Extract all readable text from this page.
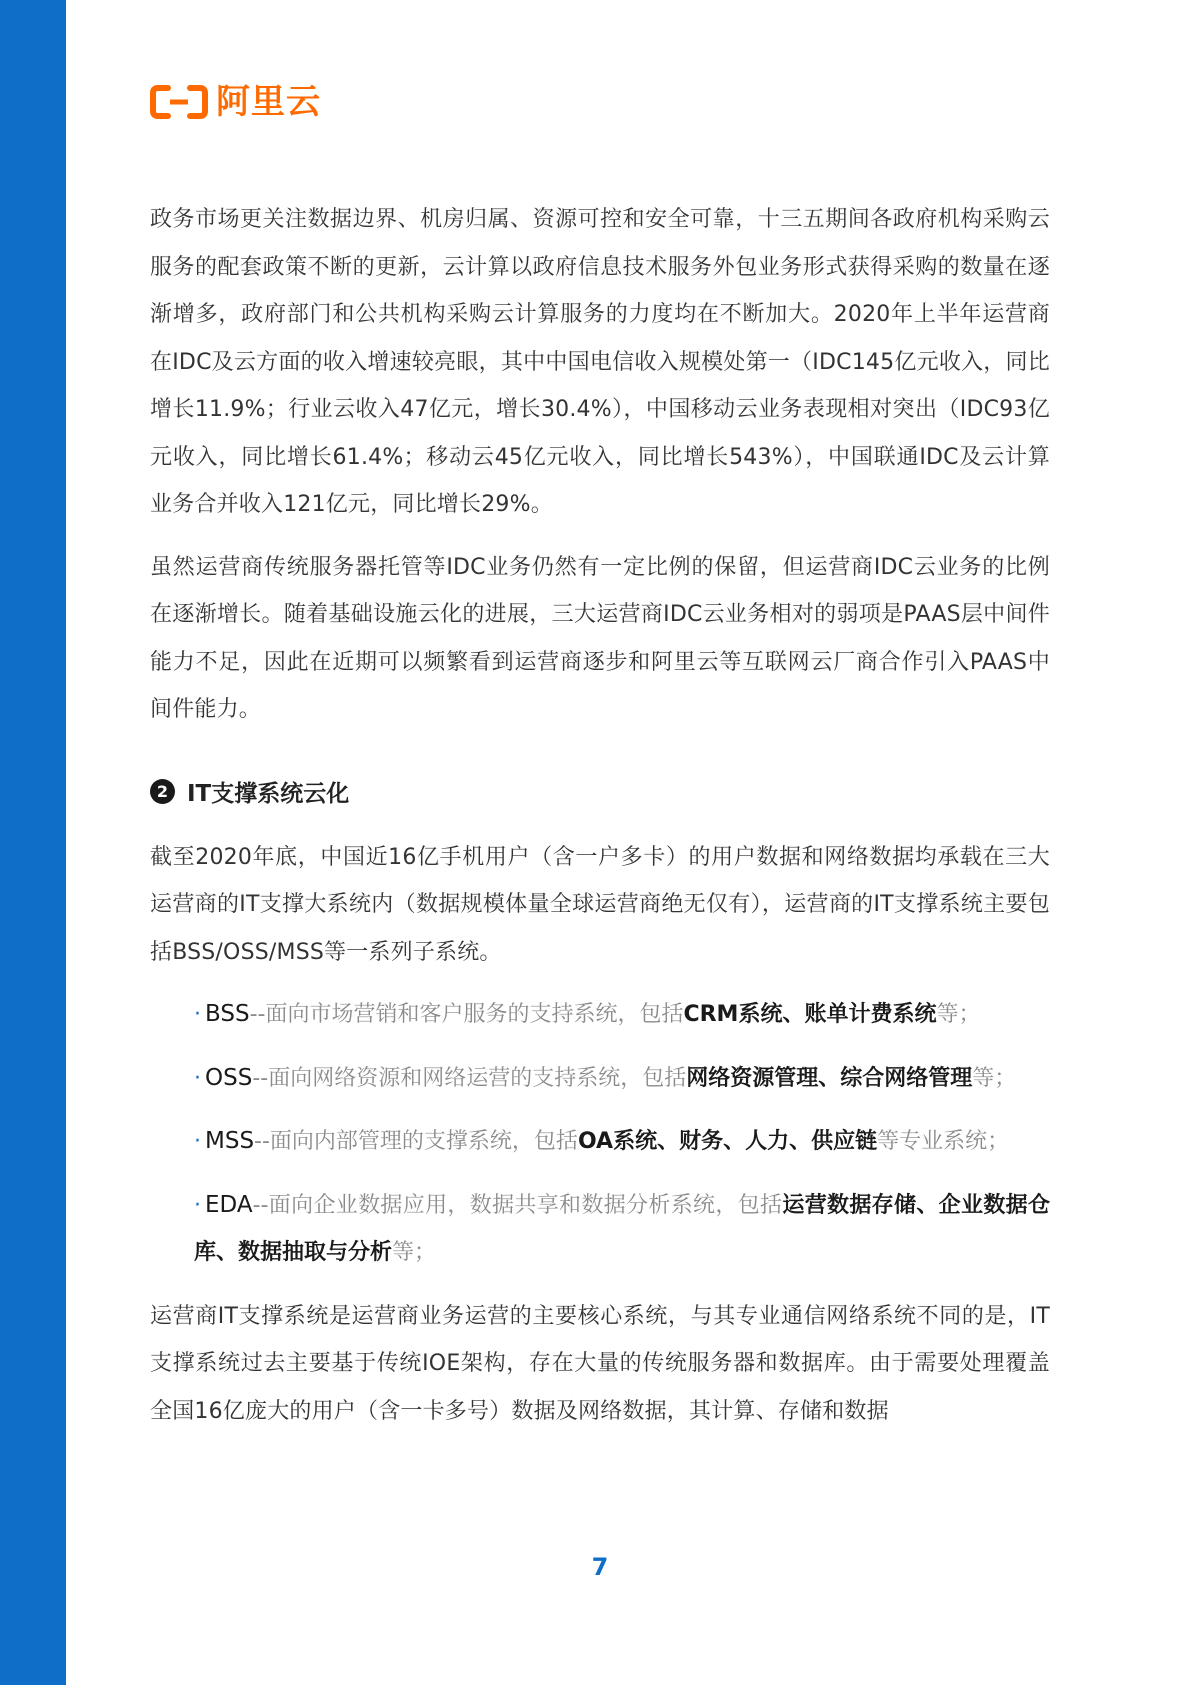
阿里云

政务市场更关注数据边界、机房归属、资源可控和安全可靠，十三五期间各政府机构采购云服务的配套政策不断的更新，云计算以政府信息技术服务外包业务形式获得采购的数量在逐渐增多，政府部门和公共机构采购云计算服务的力度均在不断加大。2020年上半年运营商在IDC及云方面的收入增速较亮眼，其中中国电信收入规模处第一（IDC145亿元收入，同比增长11.9%；行业云收入47亿元，增长30.4%），中国移动云业务表现相对突出（IDC93亿元收入，同比增长61.4%；移动云45亿元收入，同比增长543%），中国联通IDC及云计算业务合并收入121亿元，同比增长29%。

虽然运营商传统服务器托管等IDC业务仍然有一定比例的保留，但运营商IDC云业务的比例在逐渐增长。随着基础设施云化的进展，三大运营商IDC云业务相对的弱项是PAAS层中间件能力不足，因此在近期可以频繁看到运营商逐步和阿里云等互联网云厂商合作引入PAAS中间件能力。

2 IT支撑系统云化

截至2020年底，中国近16亿手机用户（含一户多卡）的用户数据和网络数据均承载在三大运营商的IT支撑大系统内（数据规模体量全球运营商绝无仅有），运营商的IT支撑系统主要包括BSS/OSS/MSS等一系列子系统。

· BSS--面向市场营销和客户服务的支持系统，包括CRM系统、账单计费系统等；

· OSS--面向网络资源和网络运营的支持系统，包括网络资源管理、综合网络管理等；

· MSS--面向内部管理的支撑系统，包括OA系统、财务、人力、供应链等专业系统；

· EDA--面向企业数据应用，数据共享和数据分析系统，包括运营数据存储、企业数据仓库、数据抽取与分析等；

运营商IT支撑系统是运营商业务运营的主要核心系统，与其专业通信网络系统不同的是，IT支撑系统过去主要基于传统IOE架构，存在大量的传统服务器和数据库。由于需要处理覆盖全国16亿庞大的用户（含一卡多号）数据及网络数据，其计算、存储和数据

7
